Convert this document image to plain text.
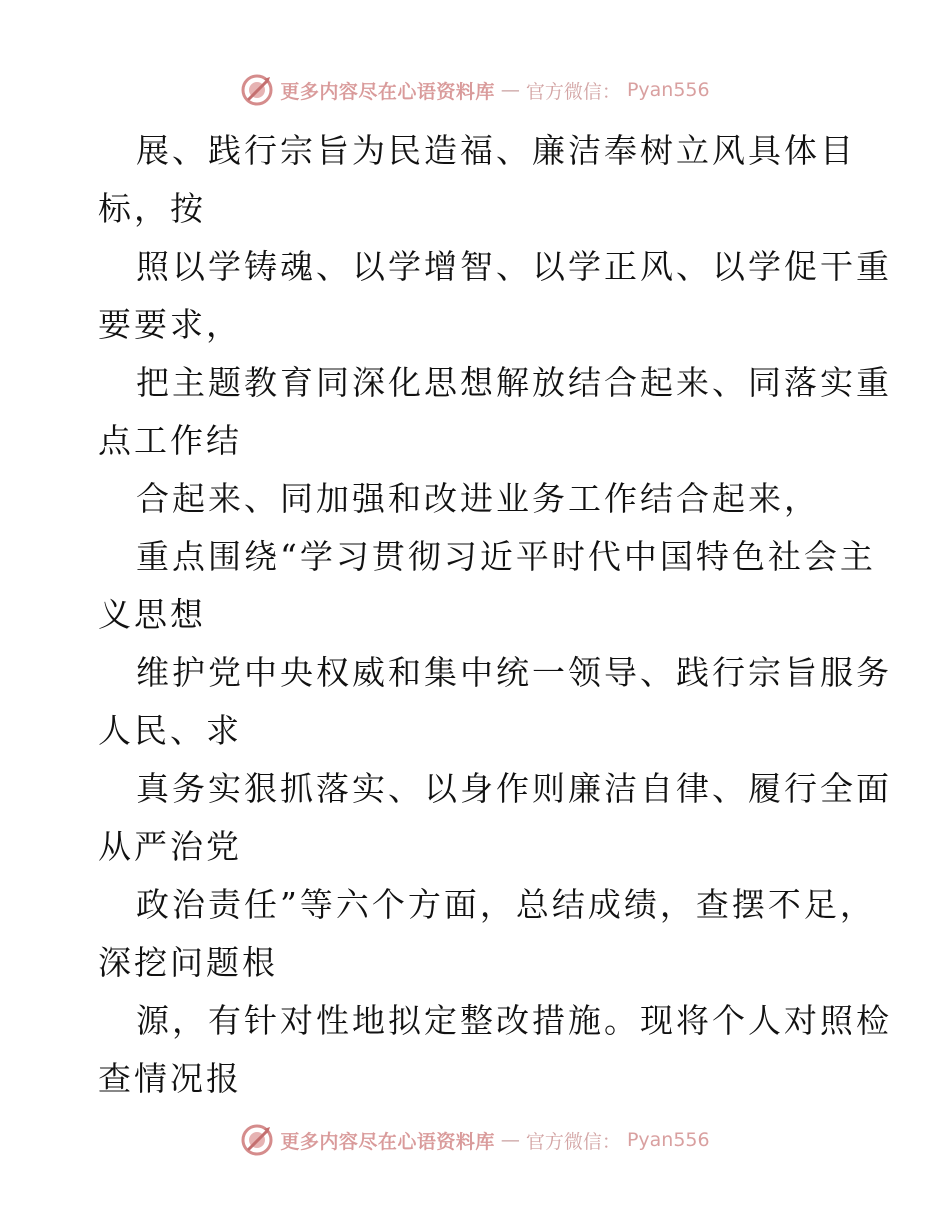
更多内容尽在心语资料库 — 官方微信： Pyan556
展、践行宗旨为民造福、廉洁奉树立风具体目
标，按
照以学铸魂、以学增智、以学正风、以学促干重
要要求，
把主题教育同深化思想解放结合起来、同落实重
点工作结
合起来、同加强和改进业务工作结合起来，
重点围绕“学习贯彻习近平时代中国特色社会主
义思想
维护党中央权威和集中统一领导、践行宗旨服务
人民、求
真务实狠抓落实、以身作则廉洁自律、履行全面
从严治党
政治责任”等六个方面，总结成绩，查摆不足，
深挖问题根
源，有针对性地拟定整改措施。现将个人对照检
查情况报
更多内容尽在心语资料库 — 官方微信： Pyan556
